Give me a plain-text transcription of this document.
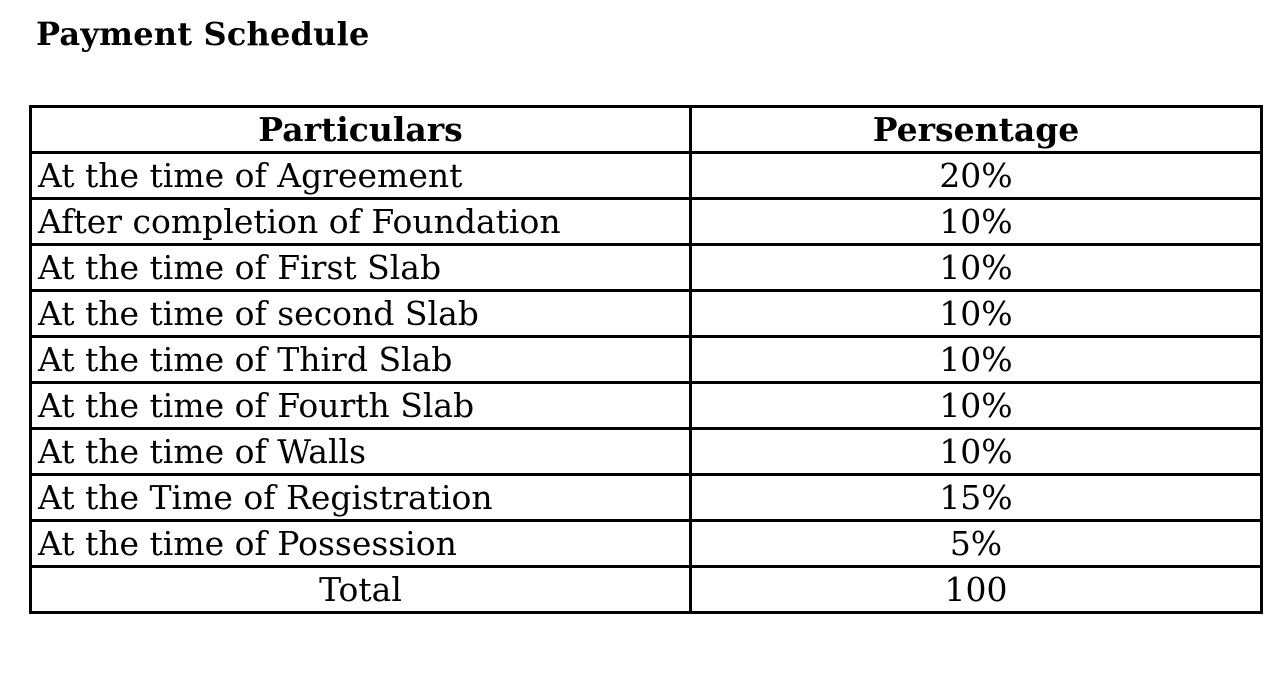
Payment Schedule
Particulars	Persentage
At the time of Agreement	20%
After completion of Foundation	10%
At the time of First Slab	10%
At the time of second Slab	10%
At the time of Third Slab	10%
At the time of Fourth Slab	10%
At the time of Walls	10%
At the Time of Registration	15%
At the time of Possession	5%
Total	100
